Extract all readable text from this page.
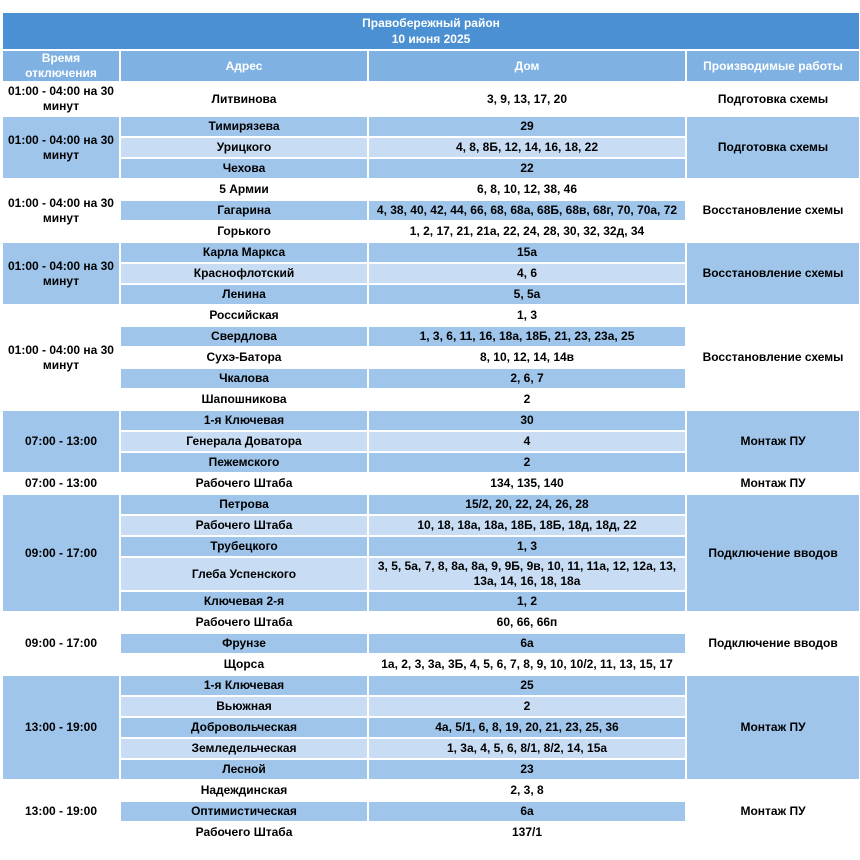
Правобережный район
10 июня 2025			

Время отключения	Адрес	Дом	Производимые работы
01:00 - 04:00 на 30 минут	Литвинова	3, 9, 13, 17, 20	Подготовка схемы
01:00 - 04:00 на 30 минут	Тимирязева	29	Подготовка схемы
	Урицкого	4, 8, 8Б, 12, 14, 16, 18, 22	
	Чехова	22	
01:00 - 04:00 на 30 минут	5 Армии	6, 8, 10, 12, 38, 46	Восстановление схемы
	Гагарина	4, 38, 40, 42, 44, 66, 68, 68а, 68Б, 68в, 68г, 70, 70а, 72	
	Горького	1, 2, 17, 21, 21а, 22, 24, 28, 30, 32, 32д, 34	
01:00 - 04:00 на 30 минут	Карла Маркса	15а	Восстановление схемы
	Краснофлотский	4, 6	
	Ленина	5, 5а	
01:00 - 04:00 на 30 минут	Российская	1, 3	Восстановление схемы
	Свердлова	1, 3, 6, 11, 16, 18а, 18Б, 21, 23, 23а, 25	
	Сухэ-Батора	8, 10, 12, 14, 14в	
	Чкалова	2, 6, 7	
	Шапошникова	2	
07:00 - 13:00	1-я Ключевая	30	Монтаж ПУ
	Генерала Доватора	4	
	Пежемского	2	
07:00 - 13:00	Рабочего Штаба	134, 135, 140	Монтаж ПУ
09:00 - 17:00	Петрова	15/2, 20, 22, 24, 26, 28	Подключение вводов
	Рабочего Штаба	10, 18, 18а, 18а, 18Б, 18Б, 18д, 18д, 22	
	Трубецкого	1, 3	
	Глеба Успенского	3, 5, 5а, 7, 8, 8а, 8а, 9, 9Б, 9в, 10, 11, 11а, 12, 12а, 13, 13а, 14, 16, 18, 18а	
	Ключевая 2-я	1, 2	
09:00 - 17:00	Рабочего Штаба	60, 66, 66п	Подключение вводов
	Фрунзе	6а	
	Щорса	1а, 2, 3, 3а, 3Б, 4, 5, 6, 7, 8, 9, 10, 10/2, 11, 13, 15, 17	
13:00 - 19:00	1-я Ключевая	25	Монтаж ПУ
	Вьюжная	2	
	Добровольческая	4а, 5/1, 6, 8, 19, 20, 21, 23, 25, 36	
	Земледельческая	1, 3а, 4, 5, 6, 8/1, 8/2, 14, 15а	
	Лесной	23	
13:00 - 19:00	Надеждинская	2, 3, 8	Монтаж ПУ
	Оптимистическая	6а	
	Рабочего Штаба	137/1	
